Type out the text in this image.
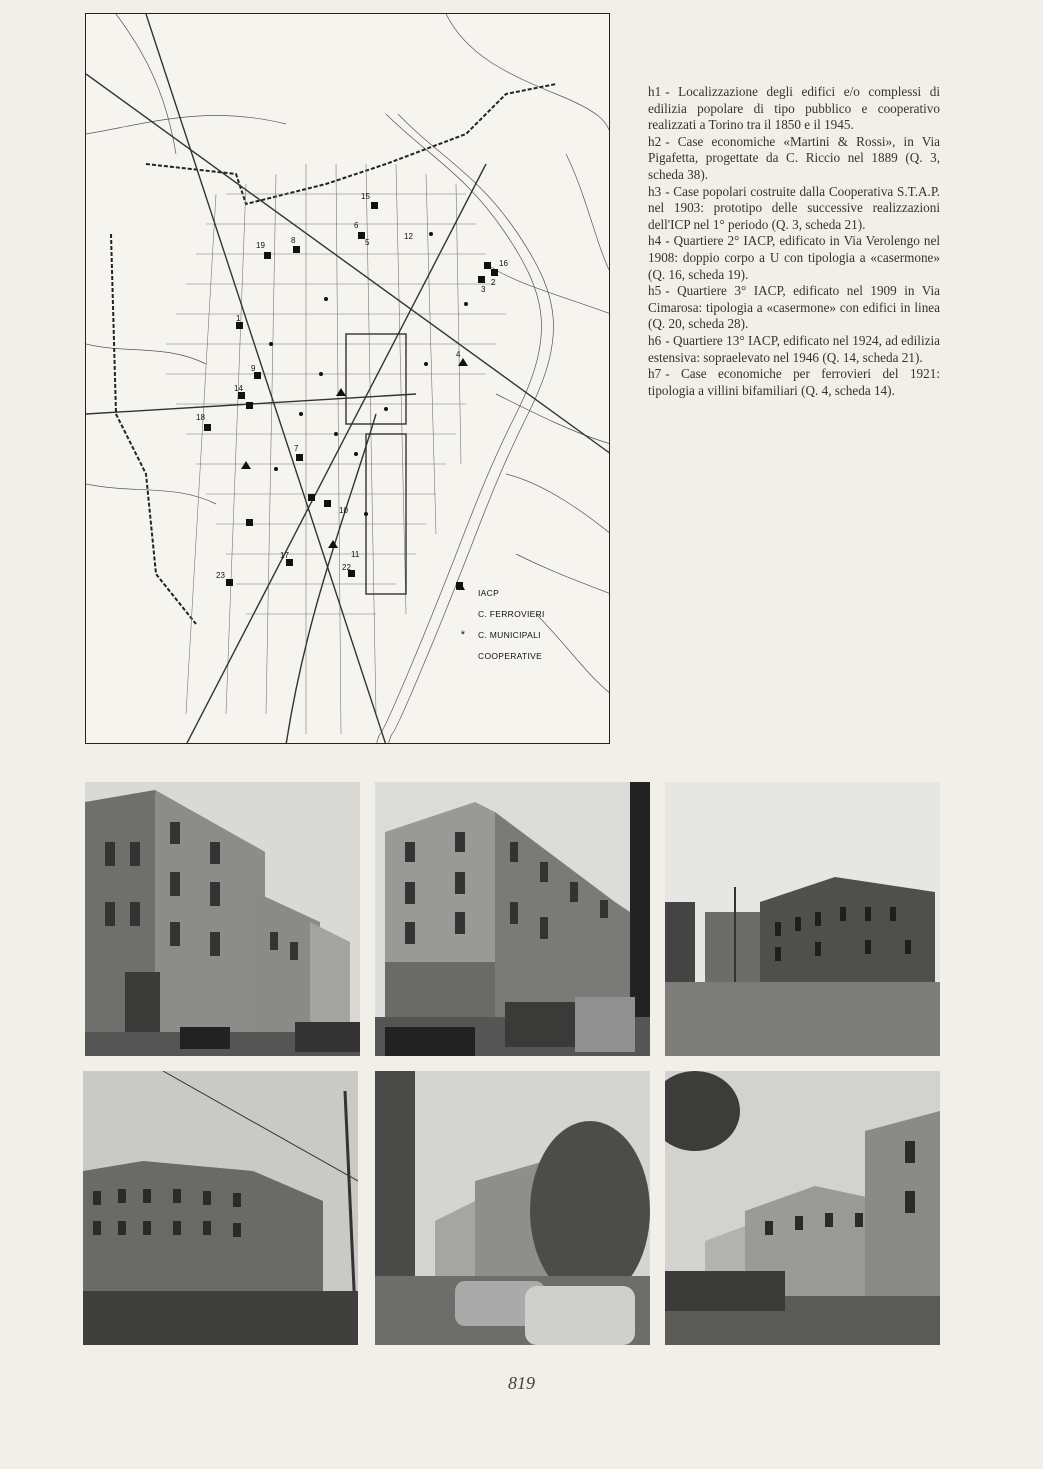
IACP
C. FERROVIERI
*	C. MUNICIPALI
COOPERATIVE
15
6
5
12
19
8
16
2
3
1
4
14
9
18
7
10
17	11
22
23

h1 - Localizzazione degli edifici e/o complessi di edilizia popolare di tipo pubblico e cooperativo realizzati a Torino tra il 1850 e il 1945.

h2 - Case economiche «Martini & Rossi», in Via Pigafetta, progettate da C. Riccio nel 1889 (Q. 3, scheda 38).

h3 - Case popolari costruite dalla Cooperativa S.T.A.P. nel 1903: prototipo delle successive realizzazioni dell'ICP nel 1° periodo (Q. 3, scheda 21).

h4 - Quartiere 2° IACP, edificato in Via Verolengo nel 1908: doppio corpo a U con tipologia a «casermone» (Q. 16, scheda 19).

h5 - Quartiere 3° IACP, edificato nel 1909 in Via Cimarosa: tipologia a «casermone» con edifici in linea (Q. 20, scheda 28).

h6 - Quartiere 13° IACP, edificato nel 1924, ad edilizia estensiva: sopraelevato nel 1946 (Q. 14, scheda 21).

h7 - Case economiche per ferrovieri del 1921: tipologia a villini bifamiliari (Q. 4, scheda 14).

819
